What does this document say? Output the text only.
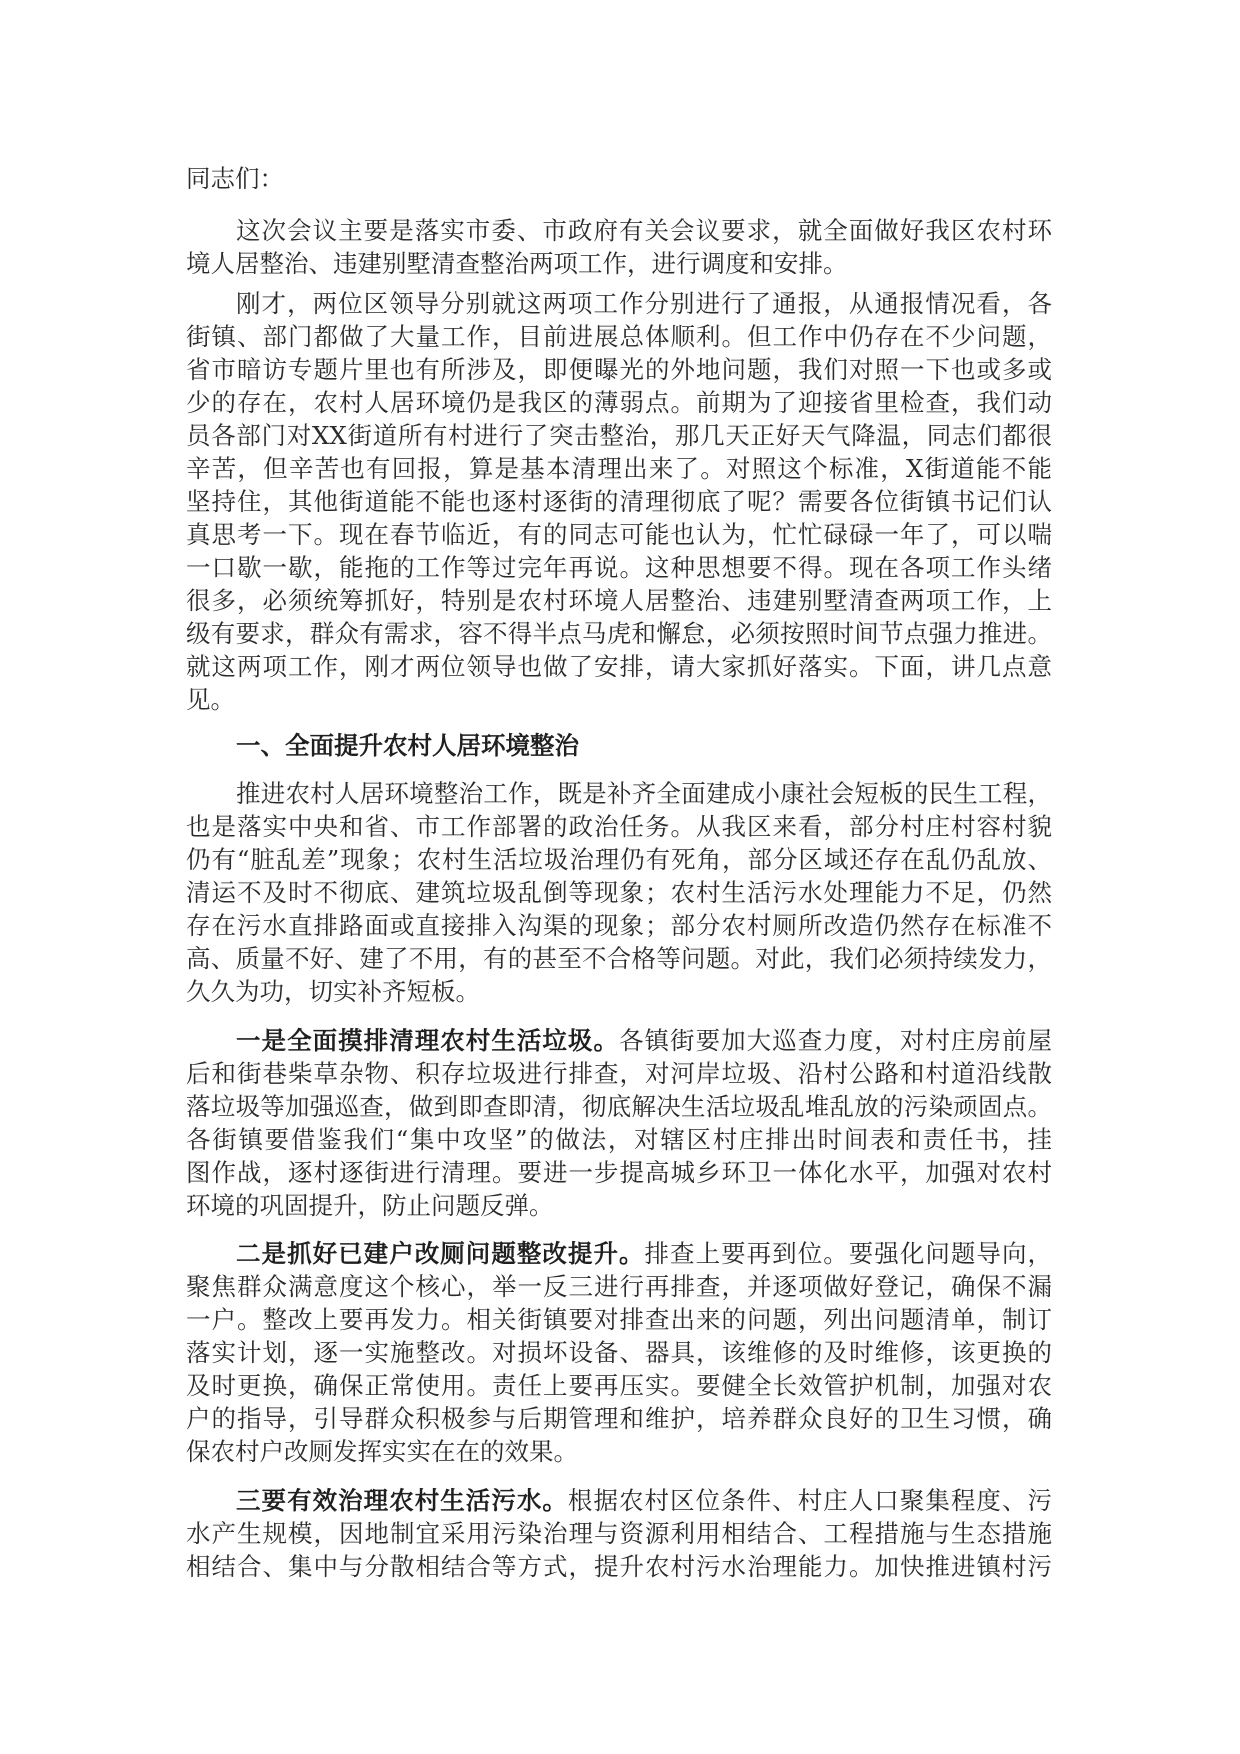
同志们：
这次会议主要是落实市委、市政府有关会议要求，就全面做好我区农村环
境人居整治、违建别墅清查整治两项工作，进行调度和安排。
刚才，两位区领导分别就这两项工作分别进行了通报，从通报情况看，各
街镇、部门都做了大量工作，目前进展总体顺利。但工作中仍存在不少问题，
省市暗访专题片里也有所涉及，即便曝光的外地问题，我们对照一下也或多或
少的存在，农村人居环境仍是我区的薄弱点。前期为了迎接省里检查，我们动
员各部门对XX街道所有村进行了突击整治，那几天正好天气降温，同志们都很
辛苦，但辛苦也有回报，算是基本清理出来了。对照这个标准，X街道能不能
坚持住，其他街道能不能也逐村逐街的清理彻底了呢？需要各位街镇书记们认
真思考一下。现在春节临近，有的同志可能也认为，忙忙碌碌一年了，可以喘
一口歇一歇，能拖的工作等过完年再说。这种思想要不得。现在各项工作头绪
很多，必须统筹抓好，特别是农村环境人居整治、违建别墅清查两项工作，上
级有要求，群众有需求，容不得半点马虎和懈怠，必须按照时间节点强力推进。
就这两项工作，刚才两位领导也做了安排，请大家抓好落实。下面，讲几点意
见。
一、全面提升农村人居环境整治
推进农村人居环境整治工作，既是补齐全面建成小康社会短板的民生工程，
也是落实中央和省、市工作部署的政治任务。从我区来看，部分村庄村容村貌
仍有“脏乱差”现象；农村生活垃圾治理仍有死角，部分区域还存在乱仍乱放、
清运不及时不彻底、建筑垃圾乱倒等现象；农村生活污水处理能力不足，仍然
存在污水直排路面或直接排入沟渠的现象；部分农村厕所改造仍然存在标准不
高、质量不好、建了不用，有的甚至不合格等问题。对此，我们必须持续发力，
久久为功，切实补齐短板。
一是全面摸排清理农村生活垃圾。各镇街要加大巡查力度，对村庄房前屋
后和街巷柴草杂物、积存垃圾进行排查，对河岸垃圾、沿村公路和村道沿线散
落垃圾等加强巡查，做到即查即清，彻底解决生活垃圾乱堆乱放的污染顽固点。
各街镇要借鉴我们“集中攻坚”的做法，对辖区村庄排出时间表和责任书，挂
图作战，逐村逐街进行清理。要进一步提高城乡环卫一体化水平，加强对农村
环境的巩固提升，防止问题反弹。
二是抓好已建户改厕问题整改提升。排查上要再到位。要强化问题导向，
聚焦群众满意度这个核心，举一反三进行再排查，并逐项做好登记，确保不漏
一户。整改上要再发力。相关街镇要对排查出来的问题，列出问题清单，制订
落实计划，逐一实施整改。对损坏设备、器具，该维修的及时维修，该更换的
及时更换，确保正常使用。责任上要再压实。要健全长效管护机制，加强对农
户的指导，引导群众积极参与后期管理和维护，培养群众良好的卫生习惯，确
保农村户改厕发挥实实在在的效果。
三要有效治理农村生活污水。根据农村区位条件、村庄人口聚集程度、污
水产生规模，因地制宜采用污染治理与资源利用相结合、工程措施与生态措施
相结合、集中与分散相结合等方式，提升农村污水治理能力。加快推进镇村污
